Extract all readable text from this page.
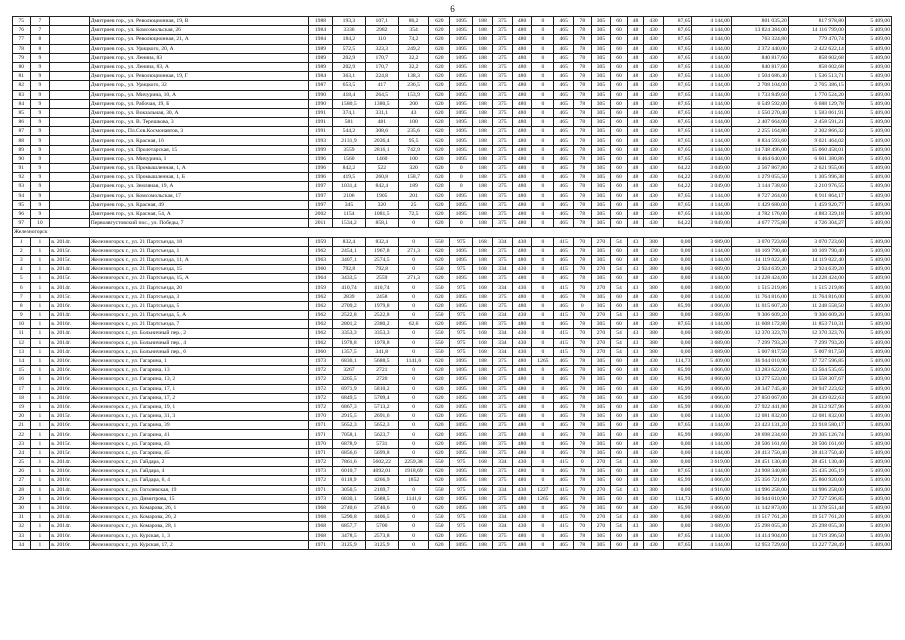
6
75	7		Дмитриев гор., ул. Революционная, 19, В	1988	193,3	107,1	86,2	620	1095	188	375	480	0	465	78	305	60	48	430	87,65	4 144,00	801 035,20	817 978,80	5 409,00
76	7		Дмитриев гор., ул. Комсомольская, 26	1984	3336	2982	354	620	1095	188	375	480	0	465	78	305	60	48	430	87,65	4 144,00	13 824 384,00	14 116 799,00	5 409,00
77	8		Дмитриев гор., ул. Революционная, 21, А	1984	184,2	110	74,2	620	1095	188	375	480	0	465	78	305	60	48	430	87,65	4 144,00	763 324,80	779 470,74	5 409,00
78	8		Дмитриев гор., ул. Урицкого, 20, А	1989	572,5	323,3	249,2	620	1095	188	375	480	0	465	78	305	60	48	430	87,65	4 144,00	2 372 440,00	2 422 622,14	5 409,00
79	9		Дмитриев гор., ул. Ленина, 83	1989	202,9	170,7	32,2	620	1095	188	375	480	0	465	78	305	60	48	430	87,65	4 144,00	840 817,60	858 602,68	5 409,00
80	9		Дмитриев гор., ул. Ленина, 83, А	1989	202,9	170,7	32,2	620	1095	188	375	480	0	465	78	305	60	48	430	87,65	4 144,00	840 817,60	858 602,68	5 409,00
81	9		Дмитриев гор., ул. Революционная, 19, Г	1984	363,1	224,8	138,3	620	1095	188	375	480	0	465	78	305	60	48	430	87,65	4 144,00	1 504 686,40	1 536 513,71	5 409,00
82	9		Дмитриев гор., ул. Урицкого, 32	1987	653,5	417	236,5	620	1095	188	375	480	0	465	78	305	60	48	430	87,65	4 144,00	2 708 104,00	2 765 386,15	5 409,00
83	9		Дмитриев гор., ул. Мичурина, 10, А	1990	418,4	264,5	153,9	620	1095	188	375	480	0	465	78	305	60	48	430	87,65	4 144,00	1 733 849,60	1 770 524,20	5 409,00
84	9		Дмитриев гор., ул. Рабочая, 19, Б	1990	1580,5	1380,5	200	620	1095	188	375	480	0	465	78	305	60	48	430	87,65	4 144,00	6 549 592,00	6 688 129,78	5 409,00
85	9		Дмитриев гор., ул. Вокзальная, 30, А	1991	374,1	331,1	43	620	1095	188	375	480	0	465	78	305	60	48	430	87,65	4 144,00	1 550 270,40	1 583 061,91	5 409,00
86	9		Дмитриев гор., ул. В. Терешкова, 3	1991	581	481	100	620	1095	188	375	480	0	465	78	305	60	48	430	87,65	4 144,00	2 407 664,00	2 458 591,21	5 409,00
87	9		Дмитриев гор., Пл.Сов.Космонавтов, 3	1991	544,2	308,6	235,6	620	1095	188	375	480	0	465	78	305	60	48	430	87,65	4 144,00	2 255 164,80	2 302 866,32	5 409,00
88	9		Дмитриев гор., ул. Красная, 16	1993	2131,9	2036,4	95,5	620	1095	188	375	480	0	465	78	305	60	48	430	87,65	4 144,00	8 834 593,60	9 021 464,02	5 409,00
89	9		Дмитриев гор., ул. Пролетарская, 15	1999	3559	2816,1	742,9	620	1095	188	375	480	0	465	78	305	60	48	430	87,65	4 144,00	14 748 496,00	15 060 458,01	5 409,00
90	9		Дмитриев гор., ул. Мичурина, 1	1996	1560	1460	100	620	1095	188	375	480	0	465	78	305	60	48	430	87,65	4 144,00	6 464 640,00	6 601 380,86	5 409,00
91	9		Дмитриев гор., ул. Промышленная, 1, А	1996	842,2	522	320	620	0	188	375	480	0	465	78	305	60	48	430	64,22	3 049,00	2 567 867,80	2 621 955,06	5 409,00
92	9		Дмитриев гор., ул. Промышленная, 1, Б	1996	419,5	260,8	158,7	620	0	188	375	480	0	465	78	305	60	48	430	64,22	3 049,00	1 279 055,50	1 305 996,38	5 409,00
93	9		Дмитриев гор., ул. Земляная, 19, А	1997	1031,4	842,4	189	620	0	188	375	480	0	465	78	305	60	48	430	64,22	3 049,00	3 144 738,60	3 210 976,55	5 409,00
94	9		Дмитриев гор., ул. Комсомольская, 17	1997	2106	1905	201	620	1095	188	375	480	0	465	78	305	60	48	430	87,65	4 144,00	8 727 264,00	8 911 864,17	5 409,00
95	9		Дмитриев гор., ул. Красная, 49	1997	345	320	25	620	1095	188	375	480	0	465	78	305	60	48	430	87,65	4 144,00	1 429 680,00	1 459 920,77	5 409,00
96	9		Дмитриев гор., ул. Красная, 54, А	2002	1154	1081,5	72,5	620	1095	188	375	480	0	465	78	305	60	48	430	87,65	4 144,00	4 782 176,00	4 883 329,18	5 409,00
97	10		Первоавгустовский пос., ул. Победы, 7	2011	1534,2	858,1	0	620	0	188	375	480	0	465	78	305	60	48	430	64,22	3 049,00	4 677 775,80	4 726 304,27	5 409,00
Железногорск																								
1	1	в. 2014г.	Железногорск г., ул. 21 Партсъезда, 18	1959	832,4	832,4	0	550	975	168	334	430	0	415	70	270	54	43	380	0,00	3 689,00	3 070 723,60	3 070 723,60	5 409,00
2	1	в. 2015г.	Железногорск г., ул. 21 Партсъезда, 1	1962	2454,1	1967,8	271,3	620	1095	188	375	480	0	465	78	305	60	48	430	0,00	4 144,00	10 169 790,40	10 169 790,40	5 409,00
3	1	в. 2015г.	Железногорск г., ул. 21 Партсъезда, 11, А	1963	3407,1	2574,5	0	620	1095	188	375	480	0	465	78	305	60	48	430	0,00	4 144,00	14 119 022,40	14 119 022,40	5 409,00
4	1	в. 2014г.	Железногорск г., ул. 21 Партсъезда, 15	1960	792,8	792,8	0	550	975	168	334	430	0	415	70	270	54	43	380	0,00	3 689,00	2 924 639,20	2 924 639,20	5 409,00
5	1	в. 2015г.	Железногорск г., ул. 21 Партсъезда, 15, А	1964	3433,5	2559	271,3	620	1095	188	375	480	0	465	78	305	60	48	430	0,00	4 144,00	14 228 424,00	14 228 424,00	5 409,00
6	1	в. 2014г.	Железногорск г., ул. 21 Партсъезда, 20	1959	410,74	410,74	0	550	975	168	334	430	0	415	70	270	54	43	380	0,00	3 689,00	1 515 219,86	1 515 219,86	5 409,00
7	1	в. 2015г.	Железногорск г., ул. 21 Партсъезда, 3	1962	2839	2458	0	620	1095	188	375	480	0	465	78	305	60	48	430	0,00	4 144,00	11 764 816,00	11 764 816,00	5 409,00
8	1	в. 2016г.	Железногорск г., ул. 21 Партсъезда, 5	1962	2709,2	1979,8	0	620	1095	188	375	480	0	465	0	305	60	48	430	85,99	4 066,00	11 015 607,20	11 248 558,50	5 409,00
9	1	в. 2014г.	Железногорск г., ул. 21 Партсъезда, 5, А	1962	2522,8	2522,8	0	550	975	168	334	430	0	415	70	270	54	43	380	0,00	3 689,00	9 306 609,20	9 306 609,20	5 409,00
10	1	в. 2016г.	Железногорск г., ул. 21 Партсъезда, 7	1962	2801,2	2380,2	62,6	620	1095	188	375	480	0	465	78	305	60	48	430	87,65	4 144,00	11 608 172,80	11 853 710,31	5 409,00
11	1	в. 2014г.	Железногорск г., ул. Больничный пер., 2	1962	3353,3	3353,3	0	550	975	168	334	430	0	415	70	270	54	43	380	0,00	3 689,00	12 370 323,70	12 370 323,70	5 409,00
12	1	в. 2014г.	Железногорск г., ул. Больничный пер., 4	1962	1978,8	1978,8	0	550	975	168	334	430	0	415	70	270	54	43	380	0,00	3 689,00	7 299 793,20	7 299 793,20	5 409,00
13	1	в. 2014г.	Железногорск г., ул. Больничный пер., 6	1960	1357,5	341,8	0	550	975	168	334	430	0	415	70	270	54	43	380	0,00	3 689,00	5 007 817,50	5 007 817,50	5 409,00
14	1	в. 2016г.	Железногорск г., ул. Гагарина, 1	1973	6830,1	5688,5	1141,6	620	1095	188	375	480	1265	465	78	305	60	48	430	114,73	5 409,00	36 944 010,90	37 727 596,85	5 409,00
15	1	в. 2016г.	Железногорск г., ул. Гагарина, 13	1972	3267	2721	0	620	1095	188	375	480	0	465	78	305	60	48	430	85,99	4 066,00	13 283 622,00	13 564 535,65	5 409,00
16	1	в. 2016г.	Железногорск г., ул. Гагарина, 13, 2	1972	3265,5	2720	0	620	1095	188	375	480	0	465	78	305	60	48	430	85,99	4 066,00	13 277 523,00	13 558 307,67	5 409,00
17	1	в. 2016г.	Железногорск г., ул. Гагарина, 17, 1	1972	6971,9	5810,2	0	620	1095	188	375	480	0	465	78	305	60	48	430	85,99	4 066,00	28 347 745,40	28 947 223,62	5 409,00
18	1	в. 2016г.	Железногорск г., ул. Гагарина, 17, 2	1972	6849,5	5709,4	0	620	1095	188	375	480	0	465	78	305	60	48	430	85,99	4 066,00	27 850 067,00	28 439 022,63	5 409,00
19	1	в. 2016г.	Железногорск г., ул. Гагарина, 19, 1	1972	6867,3	5713,2	0	620	1095	188	375	480	0	465	78	305	60	48	430	85,99	4 066,00	27 922 441,80	28 512 927,96	5 409,00
20	1	в. 2015г.	Железногорск г., ул. Гагарина, 31, 3	1970	2915,5	2691,6	0	620	1095	188	375	480	0	465	78	305	60	48	430	0,00	4 144,00	12 081 832,00	12 081 832,00	5 409,00
21	1	в. 2016г.	Железногорск г., ул. Гагарина, 39	1971	5652,3	5652,3	0	620	1095	188	375	480	0	465	78	305	60	48	430	87,65	4 144,00	23 423 131,20	23 918 580,17	5 409,00
22	1	в. 2016г.	Железногорск г., ул. Гагарина, 41	1971	7058,1	5623,7	0	620	1095	188	375	480	0	465	78	305	60	48	430	85,99	4 066,00	28 698 234,60	29 305 126,74	5 409,00
23	1	в. 2015г.	Железногорск г., ул. Гагарина, 43	1970	6878,9	5731	0	620	1095	188	375	480	0	465	78	305	60	48	430	0,00	4 144,00	28 506 161,60	28 506 161,60	5 409,00
24	1	в. 2015г.	Железногорск г., ул. Гагарина, 45	1971	6856,6	5699,8	0	620	1095	188	375	480	0	465	78	305	60	48	430	0,00	4 144,00	28 413 750,40	28 413 750,40	5 409,00
25	1	в. 2014г.	Железногорск г., ул. Гайдара, 2	1972	7861,6	5602,22	2259,38	550	975	168	334	430	0	415	0	270	54	43	380	0,00	3 619,00	28 451 130,40	28 451 130,40	5 409,00
26	1	в. 2016г.	Железногорск г., ул. Гайдара, 4	1973	6010,7	4092,01	1918,69	620	1095	188	375	480	0	465	78	305	60	48	430	87,65	4 144,00	24 908 340,80	25 435 205,19	5 409,00
27	1	в. 2016г.	Железногорск г., ул. Гайдара, 6, 4	1972	6118,9	4266,9	1852	620	1095	188	375	480	0	465	78	305	60	48	430	85,99	4 066,00	25 356 721,60	25 860 920,00	5 409,00
28	1	в. 2014г.	Железногорск г., ул. Гоголевская, 19	1971	3050,5	2169,7	0	550	975	168	334	430	1227	415	70	270	54	43	380	0,00	4 916,00	14 996 258,00	14 996 258,00	5 409,00
29	1	в. 2016г.	Железногорск г., ул. Димитрова, 15	1973	6830,1	5688,5	1141,6	620	1095	188	375	480	1265	465	78	305	60	48	430	114,73	5 409,00	36 944 010,90	37 727 596,85	5 409,00
30	1	в. 2016г.	Железногорск г., ул. Комарова, 26, 1	1968	2740,6	2740,6	0	620	1095	188	375	480	0	465	78	305	60	48	430	85,99	4 066,00	11 142 873,00	11 378 551,44	5 409,00
31	1	в. 2014г.	Железногорск г., ул. Комарова, 26, 2	1968	5290,8	4406,5	0	550	975	168	334	430	0	415	70	270	54	43	380	0,00	3 689,00	19 517 761,20	19 517 761,20	5 409,00
32	1	в. 2014г.	Железногорск г., ул. Комарова, 28, 1	1968	6857,7	5700	0	550	975	168	334	430	0	415	70	270	54	43	380	0,00	3 689,00	25 298 055,30	25 298 055,30	5 409,00
33	1	в. 2016г.	Железногорск г., ул. Курская, 1, 3	1968	3478,5	2573,8	0	620	1095	188	375	480	0	465	78	305	60	48	430	87,65	4 144,00	14 414 904,00	14 719 396,50	5 409,00
34	1	в. 2016г.	Железногорск г., ул. Курская, 17, 2	1971	3125,9	3125,9	0	620	1095	188	375	480	0	465	78	305	60	48	430	87,65	4 144,00	12 953 729,60	13 227 728,49	5 409,00
